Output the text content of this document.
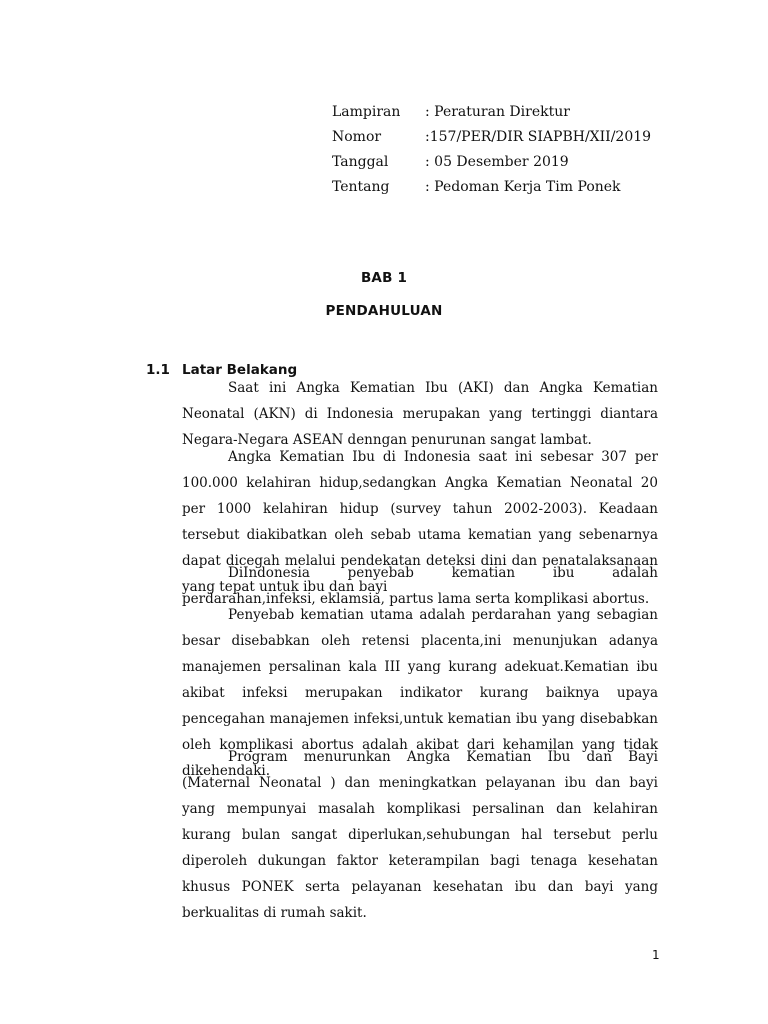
Lampiran	: Peraturan Direktur
Nomor	:157/PER/DIR SIAPBH/XII/2019
Tanggal	: 05 Desember 2019
Tentang	: Pedoman Kerja Tim Ponek
BAB 1
PENDAHULUAN
1.1 Latar Belakang

Saat ini Angka Kematian Ibu (AKI) dan Angka Kematian Neonatal (AKN) di Indonesia merupakan yang tertinggi diantara Negara-Negara ASEAN denngan penurunan sangat lambat.

Angka Kematian Ibu di Indonesia saat ini sebesar 307 per 100.000 kelahiran hidup,sedangkan Angka Kematian Neonatal 20 per 1000 kelahiran hidup (survey tahun 2002-2003). Keadaan tersebut diakibatkan oleh sebab utama kematian yang sebenarnya dapat dicegah melalui pendekatan deteksi dini dan penatalaksanaan yang tepat untuk ibu dan bayi

DiIndonesia penyebab kematian ibu adalah perdarahan,infeksi, eklamsia, partus lama serta komplikasi abortus.

Penyebab kematian utama adalah perdarahan yang sebagian besar disebabkan oleh retensi placenta,ini menunjukan adanya manajemen persalinan kala III yang kurang adekuat.Kematian ibu akibat infeksi merupakan indikator kurang baiknya upaya pencegahan manajemen infeksi,untuk kematian ibu yang disebabkan oleh komplikasi abortus adalah akibat dari kehamilan yang tidak dikehendaki.

Program menurunkan Angka Kematian Ibu dan Bayi (Maternal Neonatal ) dan meningkatkan pelayanan ibu dan bayi yang mempunyai masalah komplikasi persalinan dan kelahiran kurang bulan sangat diperlukan,sehubungan hal tersebut perlu diperoleh dukungan faktor keterampilan bagi tenaga kesehatan khusus PONEK serta pelayanan kesehatan ibu dan bayi yang berkualitas di rumah sakit.

1
